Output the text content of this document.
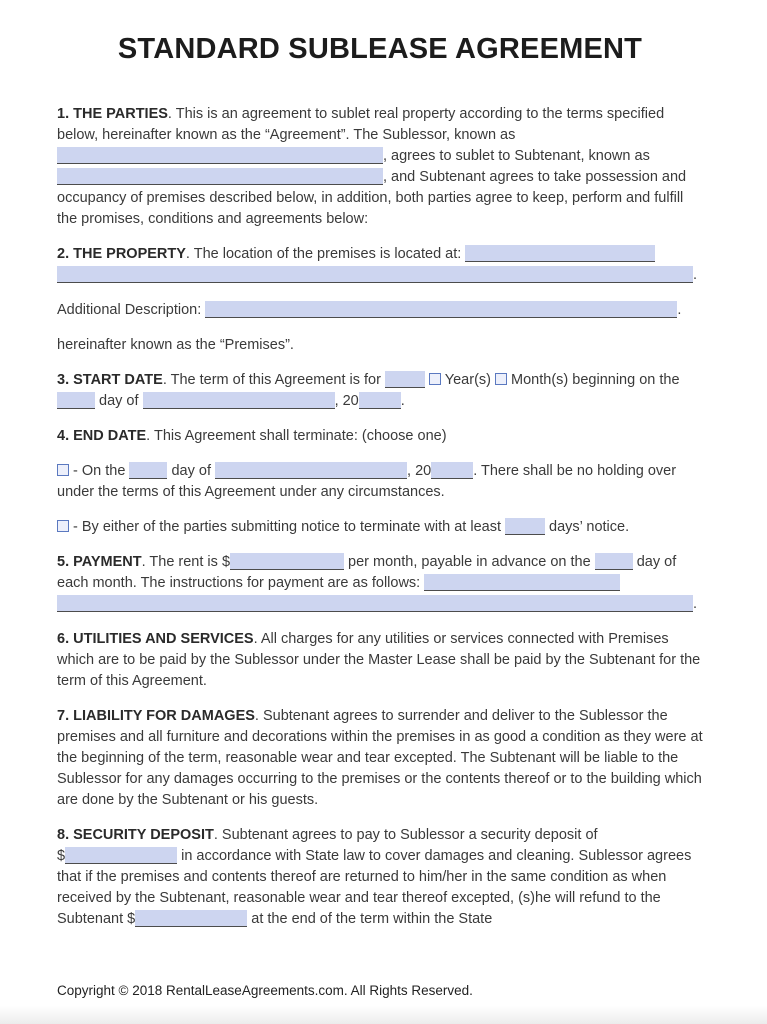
STANDARD SUBLEASE AGREEMENT

1. THE PARTIES. This is an agreement to sublet real property according to the terms specified below, hereinafter known as the “Agreement”. The Sublessor, known as , agrees to sublet to Subtenant, known as , and Subtenant agrees to take possession and occupancy of premises described below, in addition, both parties agree to keep, perform and fulfill the promises, conditions and agreements below:

2. THE PROPERTY. The location of the premises is located at: .

Additional Description:	.

hereinafter known as the “Premises”.

3. START DATE. The term of this Agreement is for	Year(s)  Month(s) beginning on the  day of	, 20	.

4. END DATE. This Agreement shall terminate: (choose one)

- On the	day of	, 20	. There shall be no holding over under the terms of this Agreement under any circumstances.

- By either of the parties submitting notice to terminate with at least	days’ notice.

5. PAYMENT. The rent is $	per month, payable in advance on the	day of each month. The instructions for payment are as follows: .

6. UTILITIES AND SERVICES. All charges for any utilities or services connected with Premises which are to be paid by the Sublessor under the Master Lease shall be paid by the Subtenant for the term of this Agreement.

7. LIABILITY FOR DAMAGES. Subtenant agrees to surrender and deliver to the Sublessor the premises and all furniture and decorations within the premises in as good a condition as they were at the beginning of the term, reasonable wear and tear excepted. The Subtenant will be liable to the Sublessor for any damages occurring to the premises or the contents thereof or to the building which are done by the Subtenant or his guests.

8. SECURITY DEPOSIT. Subtenant agrees to pay to Sublessor a security deposit of $	in accordance with State law to cover damages and cleaning. Sublessor agrees that if the premises and contents thereof are returned to him/her in the same condition as when received by the Subtenant, reasonable wear and tear thereof excepted, (s)he will refund to the Subtenant $	at the end of the term within the State

Copyright © 2018 RentalLeaseAgreements.com. All Rights Reserved.
